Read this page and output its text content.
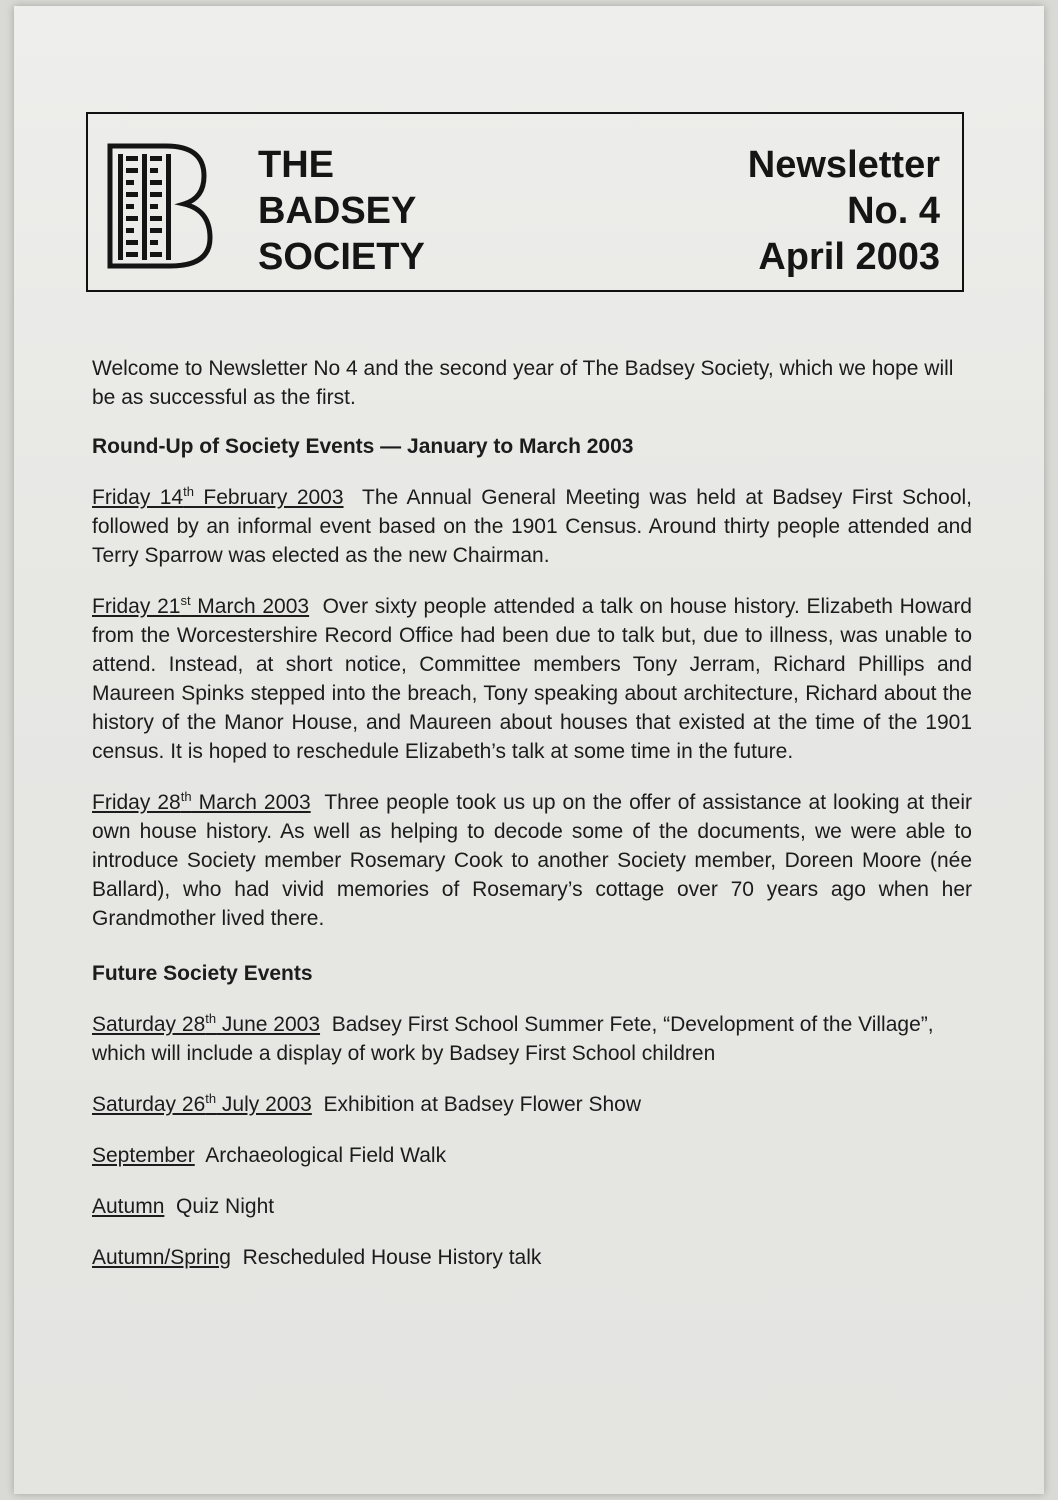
THE
BADSEY
SOCIETY
Newsletter
No. 4
April 2003

Welcome to Newsletter No 4 and the second year of The Badsey Society, which we hope will be as successful as the first.

Round-Up of Society Events — January to March 2003

Friday 14th February 2003 The Annual General Meeting was held at Badsey First School, followed by an informal event based on the 1901 Census. Around thirty people attended and Terry Sparrow was elected as the new Chairman.

Friday 21st March 2003 Over sixty people attended a talk on house history. Elizabeth Howard from the Worcestershire Record Office had been due to talk but, due to illness, was unable to attend. Instead, at short notice, Committee members Tony Jerram, Richard Phillips and Maureen Spinks stepped into the breach, Tony speaking about architecture, Richard about the history of the Manor House, and Maureen about houses that existed at the time of the 1901 census. It is hoped to reschedule Elizabeth’s talk at some time in the future.

Friday 28th March 2003 Three people took us up on the offer of assistance at looking at their own house history. As well as helping to decode some of the documents, we were able to introduce Society member Rosemary Cook to another Society member, Doreen Moore (née Ballard), who had vivid memories of Rosemary’s cottage over 70 years ago when her Grandmother lived there.

Future Society Events

Saturday 28th June 2003 Badsey First School Summer Fete, “Development of the Village”, which will include a display of work by Badsey First School children

Saturday 26th July 2003 Exhibition at Badsey Flower Show

September Archaeological Field Walk

Autumn Quiz Night

Autumn/Spring Rescheduled House History talk
